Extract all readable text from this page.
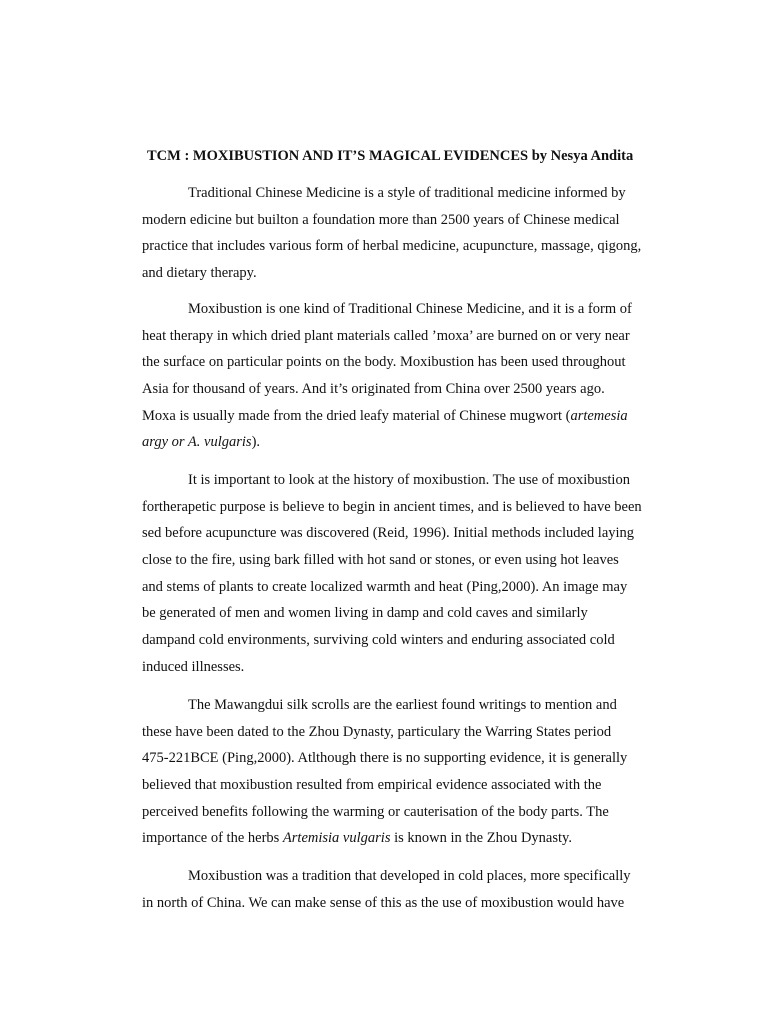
TCM : MOXIBUSTION AND IT’S MAGICAL EVIDENCES by Nesya Andita
Traditional Chinese Medicine is a style of traditional medicine informed by
modern edicine but builton a foundation more than 2500 years of Chinese medical
practice that includes various form of herbal medicine, acupuncture, massage, qigong,
and dietary therapy.
Moxibustion is one kind of Traditional Chinese Medicine, and it is a form of
heat therapy in which dried plant materials called ’moxa’ are burned on or very near
the surface on particular points on the body. Moxibustion has been used throughout
Asia for thousand of years. And it’s originated from China over 2500 years ago.
Moxa is usually made from the dried leafy material of Chinese mugwort (artemesia
argy or A. vulgaris).
It is important to look at the history of moxibustion. The use of moxibustion
fortherapetic purpose is believe to begin in ancient times, and is believed to have been
sed before acupuncture was discovered (Reid, 1996). Initial methods included laying
close to the fire, using bark filled with hot sand or stones, or even using hot leaves
and stems of plants to create localized warmth and heat (Ping,2000). An image may
be generated of men and women living in damp and cold caves and similarly
dampand cold environments, surviving cold winters and enduring associated cold
induced illnesses.
The Mawangdui silk scrolls are the earliest found writings to mention and
these have been dated to the Zhou Dynasty, particulary the Warring States period
475-221BCE (Ping,2000). Atlthough there is no supporting evidence, it is generally
believed that moxibustion resulted from empirical evidence associated with the
perceived benefits following the warming or cauterisation of the body parts. The
importance of the herbs Artemisia vulgaris is known in the Zhou Dynasty.
Moxibustion was a tradition that developed in cold places, more specifically
in north of China. We can make sense of this as the use of moxibustion would have
